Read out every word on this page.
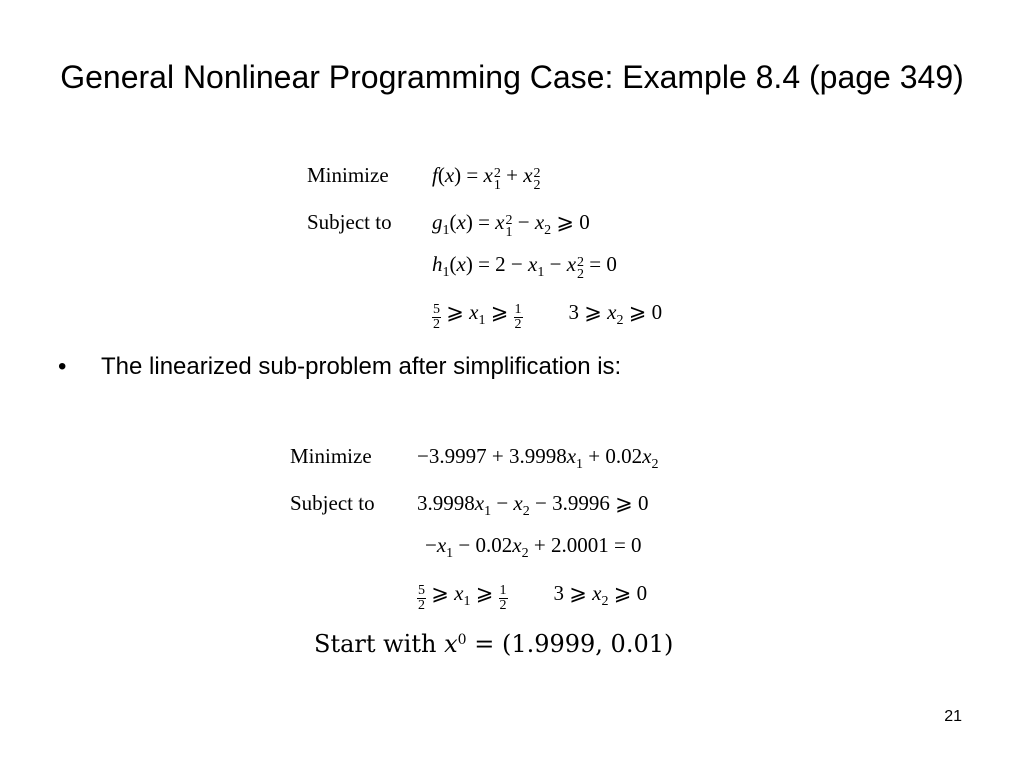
General Nonlinear Programming Case: Example 8.4 (page 349)
Minimize f(x) = x 2
1 + x 2
2
Subject to $g_1(x) = x$ 2
$1 - x_2$ ⩾ 0
$h_1(x) = 2 - x_1 - x$ 2
2 = 0
$\frac{5}{2}$ ⩾ $x_1$ ⩾ $\frac{1}{2} 3$ ⩾ $x_2$ ⩾ 0
• The linearized sub-problem after simplification is:
Minimize $-3.9997 + 3.9998x_1 + 0.02x_2$
Subject to $3.9998x_1 - x_2 - 3.9996$ ⩾ 0
$-x_1 - 0.02x_2 + 2.0001 = 0$
$\frac{5}{2}$ ⩾ $x_1$ ⩾ $\frac{1}{2} 3$ ⩾ $x_2$ ⩾ 0
Start with $x^0 = (1.9999$, 0.01)
21
